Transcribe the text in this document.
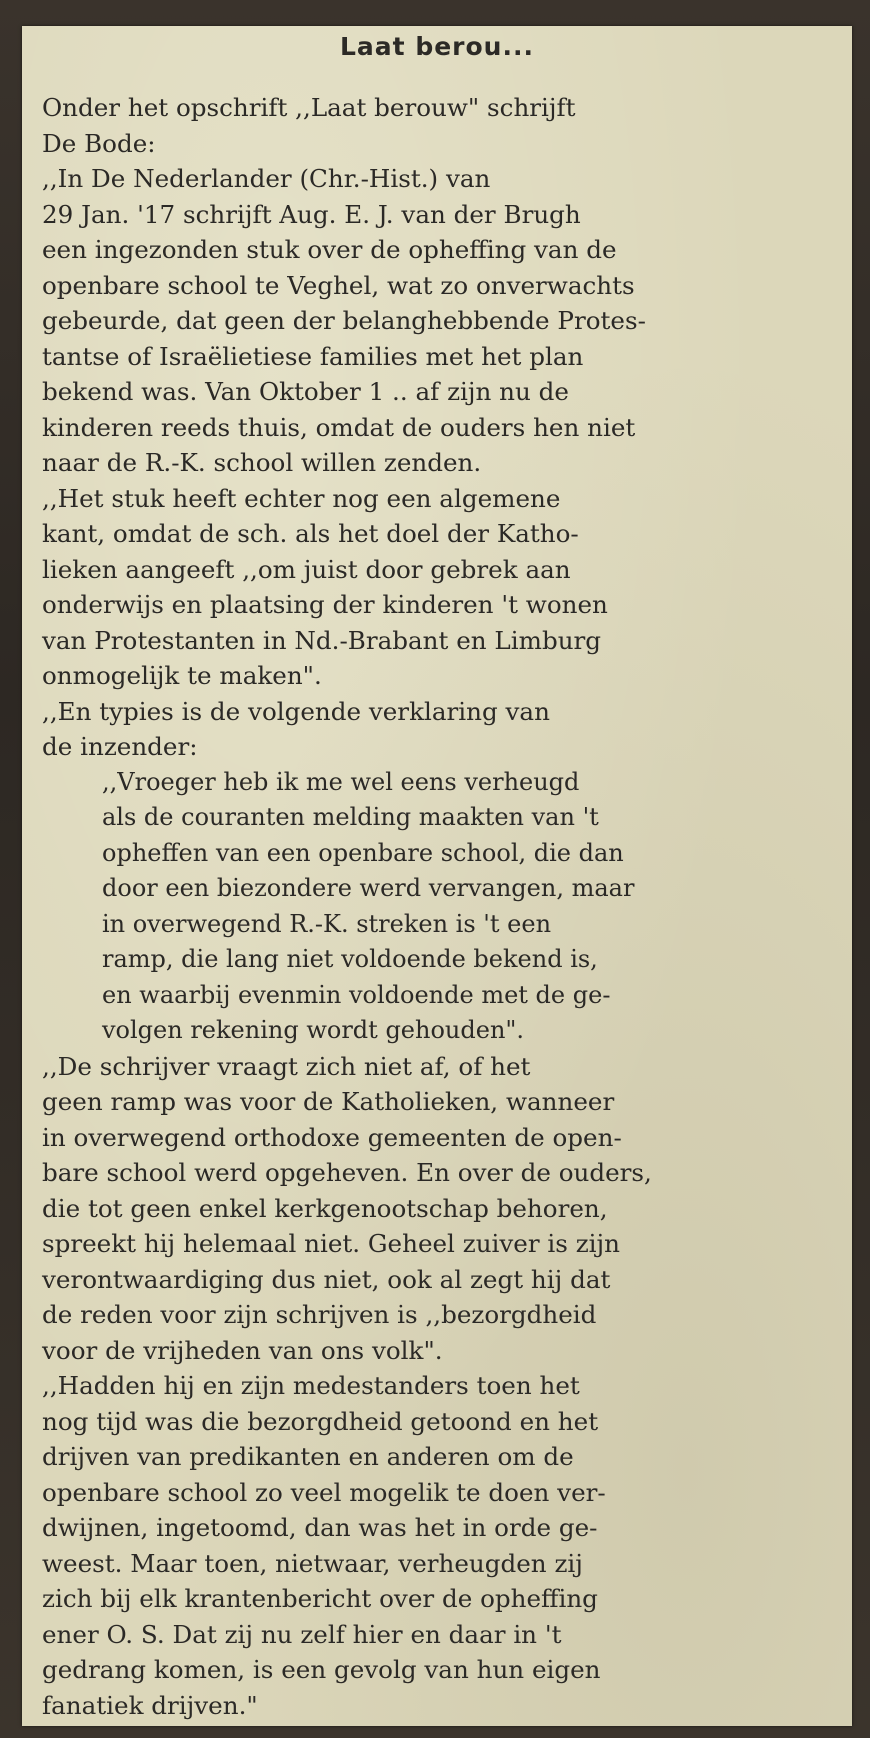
Laat berou...
Onder het opschrift ,,Laat berouw" schrijft
De Bode:
,,In De Nederlander (Chr.-Hist.) van
29 Jan. '17 schrijft Aug. E. J. van der Brugh
een ingezonden stuk over de opheffing van de
openbare school te Veghel, wat zo onverwachts
gebeurde, dat geen der belanghebbende Protes-
tantse of Israëlietiese families met het plan
bekend was. Van Oktober 1 .. af zijn nu de
kinderen reeds thuis, omdat de ouders hen niet
naar de R.-K. school willen zenden.
,,Het stuk heeft echter nog een algemene
kant, omdat de sch. als het doel der Katho-
lieken aangeeft ,,om juist door gebrek aan
onderwijs en plaatsing der kinderen 't wonen
van Protestanten in Nd.-Brabant en Limburg
onmogelijk te maken".
,,En typies is de volgende verklaring van
de inzender:
,,Vroeger heb ik me wel eens verheugd
als de couranten melding maakten van 't
opheffen van een openbare school, die dan
door een biezondere werd vervangen, maar
in overwegend R.-K. streken is 't een
ramp, die lang niet voldoende bekend is,
en waarbij evenmin voldoende met de ge-
volgen rekening wordt gehouden".
,,De schrijver vraagt zich niet af, of het
geen ramp was voor de Katholieken, wanneer
in overwegend orthodoxe gemeenten de open-
bare school werd opgeheven. En over de ouders,
die tot geen enkel kerkgenootschap behoren,
spreekt hij helemaal niet. Geheel zuiver is zijn
verontwaardiging dus niet, ook al zegt hij dat
de reden voor zijn schrijven is ,,bezorgdheid
voor de vrijheden van ons volk".
,,Hadden hij en zijn medestanders toen het
nog tijd was die bezorgdheid getoond en het
drijven van predikanten en anderen om de
openbare school zo veel mogelik te doen ver-
dwijnen, ingetoomd, dan was het in orde ge-
weest. Maar toen, nietwaar, verheugden zij
zich bij elk krantenbericht over de opheffing
ener O. S. Dat zij nu zelf hier en daar in 't
gedrang komen, is een gevolg van hun eigen
fanatiek drijven."
